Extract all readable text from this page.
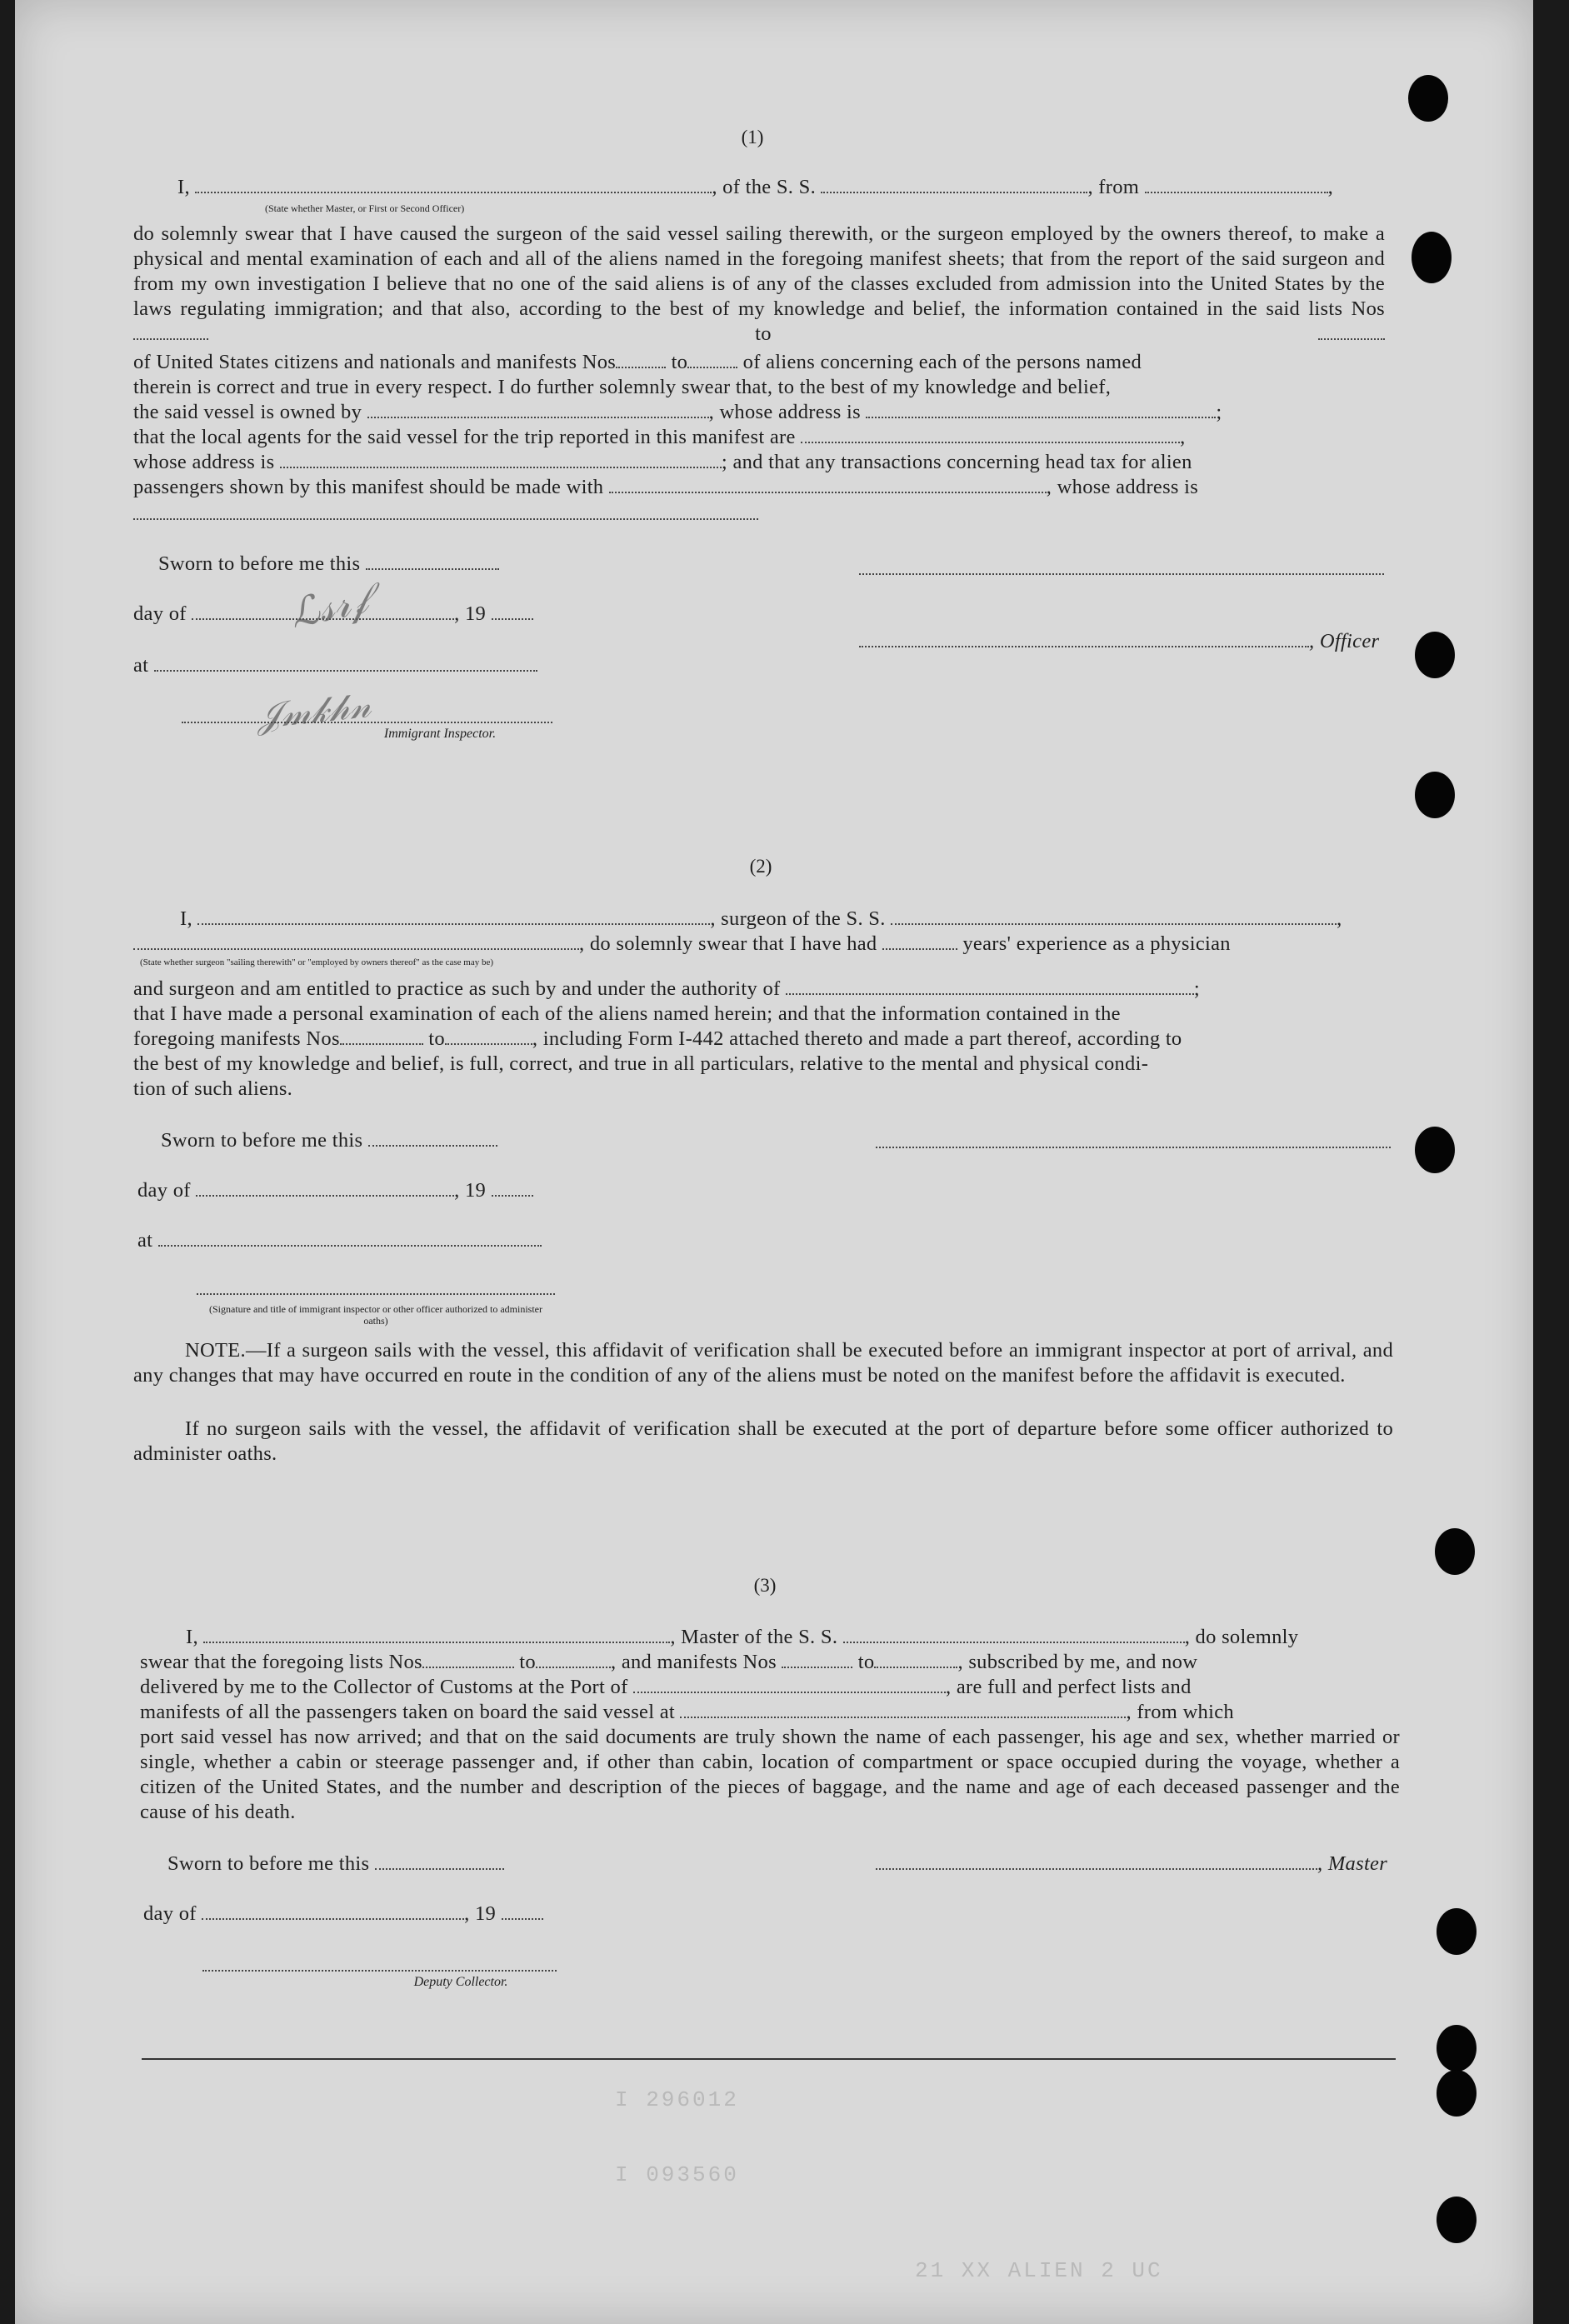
I 296012
I 093560
21 XX ALIEN 2 UC
(1)
I,	, of the S. S.	, from	,
(State whether Master, or First or Second Officer)
do solemnly swear that I have caused the surgeon of the said vessel sailing therewith, or the surgeon employed by the owners thereof, to make a physical and mental examination of each and all of the aliens named in the foregoing manifest sheets; that from the report of the said surgeon and from my own investigation I believe that no one of the said aliens is of any of the classes excluded from admission into the United States by the laws regulating immigration; and that also, according to the best of my knowledge and belief, the information contained in the said lists Nos  to
of United States citizens and nationals and manifests Nos	to	of aliens concerning each of the persons named
therein is correct and true in every respect. I do further solemnly swear that, to the best of my knowledge and belief,
the said vessel is owned by	, whose address is	;
that the local agents for the said vessel for the trip reported in this manifest are	,
whose address is	; and that any transactions concerning head tax for alien
passengers shown by this manifest should be made with	, whose address is
Sworn to before me this
day of	, 19
, Officer
at
ℒ𝓈𝓇𝒻
𝒥𝓂𝓀𝒽𝓃 Immigrant Inspector.
(2)
I,	, surgeon of the S. S.	,
, do solemnly swear that I have had	years' experience as a physician
(State whether surgeon "sailing therewith" or "employed by owners thereof" as the case may be)
and surgeon and am entitled to practice as such by and under the authority of	;
that I have made a personal examination of each of the aliens named herein; and that the information contained in the
foregoing manifests Nos	to	, including Form I-442 attached thereto and made a part thereof, according to
the best of my knowledge and belief, is full, correct, and true in all particulars, relative to the mental and physical condi-
tion of such aliens.
Sworn to before me this
day of	, 19
at
(Signature and title of immigrant inspector or other officer authorized to administer oaths)
NOTE.—If a surgeon sails with the vessel, this affidavit of verification shall be executed before an immigrant inspector at port of arrival, and any changes that may have occurred en route in the condition of any of the aliens must be noted on the manifest before the affidavit is executed.
If no surgeon sails with the vessel, the affidavit of verification shall be executed at the port of departure before some officer authorized to administer oaths.
(3)
I,	, Master of the S. S.	, do solemnly
swear that the foregoing lists Nos	to	, and manifests Nos	to	, subscribed by me, and now
delivered by me to the Collector of Customs at the Port of	, are full and perfect lists and
manifests of all the passengers taken on board the said vessel at	, from which
port said vessel has now arrived; and that on the said documents are truly shown the name of each passenger, his age and sex, whether married or single, whether a cabin or steerage passenger and, if other than cabin, location of compartment or space occupied during the voyage, whether a citizen of the United States, and the number and description of the pieces of baggage, and the name and age of each deceased passenger and the cause of his death.
Sworn to before me this	, Master
day of	, 19
Deputy Collector.
